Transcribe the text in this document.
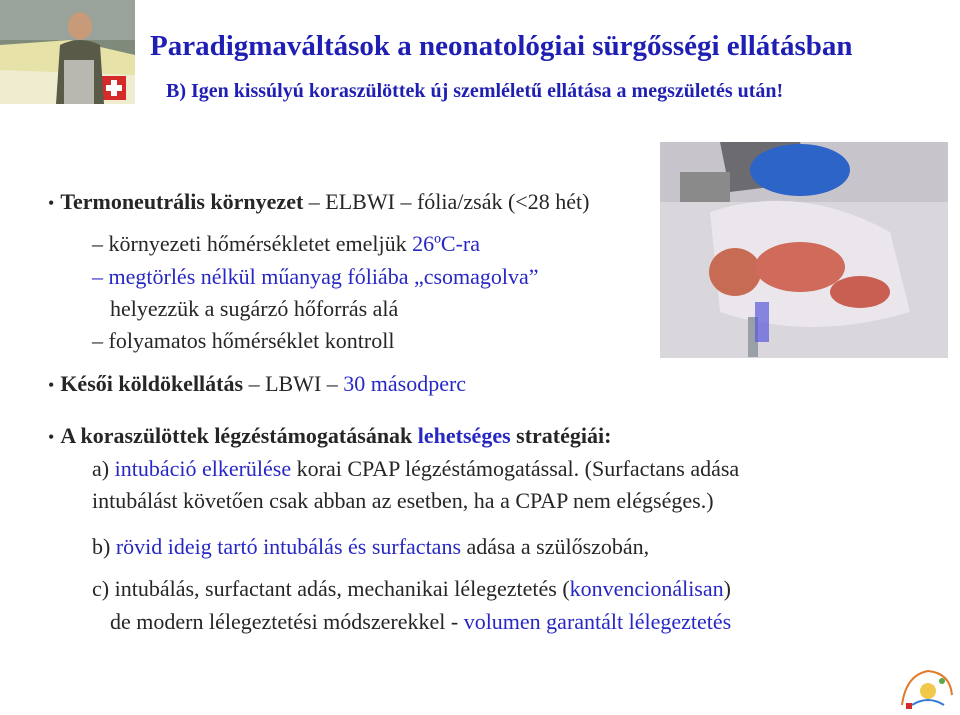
Paradigmaváltások a neonatológiai sürgősségi ellátásban
B) Igen kissúlyú koraszülöttek új szemléletű ellátása a megszületés után!
• Termoneutrális környezet – ELBWI – fólia/zsák (<28 hét)
– környezeti hőmérsékletet emeljük 26ºC-ra
– megtörlés nélkül műanyag fóliába „csomagolva”
helyezzük a sugárzó hőforrás alá
– folyamatos hőmérséklet kontroll
• Késői köldökellátás – LBWI – 30 másodperc
• A koraszülöttek légzéstámogatásának lehetséges stratégiái:
a) intubáció elkerülése korai CPAP légzéstámogatással. (Surfactans adása
intubálást követően csak abban az esetben, ha a CPAP nem elégséges.)
b) rövid ideig tartó intubálás és surfactans adása a szülőszobán,
c) intubálás, surfactant adás, mechanikai lélegeztetés (konvencionálisan)
de modern lélegeztetési módszerekkel - volumen garantált lélegeztetés
